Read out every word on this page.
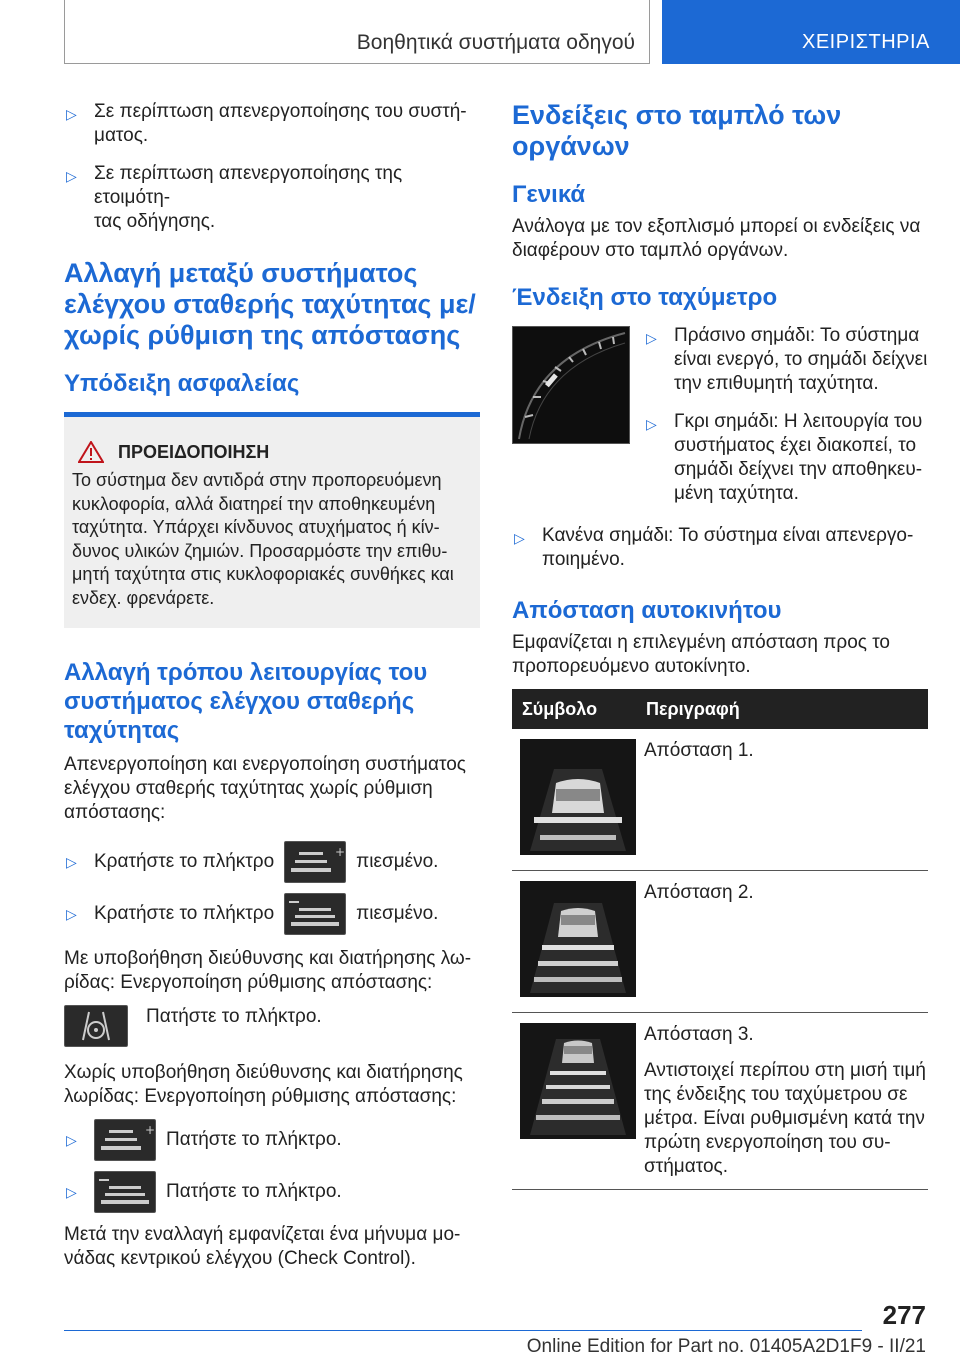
Βοηθητικά συστήματα οδηγού	ΧΕΙΡΙΣΤΗΡΙΑ
▷ Σε περίπτωση απενεργοποίησης του συστή-
ματος.
▷ Σε περίπτωση απενεργοποίησης της ετοιμότη-
τας οδήγησης.
Αλλαγή μεταξύ συστήματος ελέγχου σταθερής ταχύτητας με/χωρίς ρύθμιση της απόστασης
Υπόδειξη ασφαλείας
ΠΡΟΕΙΔΟΠΟΙΗΣΗ

Το σύστημα δεν αντιδρά στην προπορευόμενη κυκλοφορία, αλλά διατηρεί την αποθηκευμένη ταχύτητα. Υπάρχει κίνδυνος ατυχήματος ή κίν-δυνος υλικών ζημιών. Προσαρμόστε την επιθυ-μητή ταχύτητα στις κυκλοφοριακές συνθήκες και ενδεχ. φρενάρετε.

Αλλαγή τρόπου λειτουργίας του συστήματος ελέγχου σταθερής ταχύτητας

Απενεργοποίηση και ενεργοποίηση συστήματος ελέγχου σταθερής ταχύτητας χωρίς ρύθμιση απόστασης:

▷ Κρατήστε το πλήκτρο	+ πιεσμένο.
▷ Κρατήστε το πλήκτρο	πιεσμένο.

Με υποβοήθηση διεύθυνσης και διατήρησης λω-ρίδας: Ενεργοποίηση ρύθμισης απόστασης:

Πατήστε το πλήκτρο.

Χωρίς υποβοήθηση διεύθυνσης και διατήρησης λωρίδας: Ενεργοποίηση ρύθμισης απόστασης:

▷
+ Πατήστε το πλήκτρο.
▷	Πατήστε το πλήκτρο.

Μετά την εναλλαγή εμφανίζεται ένα μήνυμα μο-νάδας κεντρικού ελέγχου (Check Control).

Ενδείξεις στο ταμπλό των οργάνων
Γενικά

Ανάλογα με τον εξοπλισμό μπορεί οι ενδείξεις να διαφέρουν στο ταμπλό οργάνων.

Ένδειξη στο ταχύμετρο
▷ Πράσινο σημάδι: Το σύστημα είναι ενεργό, το σημάδι δείχνει την επιθυμητή ταχύτητα.
▷ Γκρι σημάδι: Η λειτουργία του συστήματος έχει διακοπεί, το σημάδι δείχνει την αποθηκευ-μένη ταχύτητα.
▷ Κανένα σημάδι: Το σύστημα είναι απενεργο-ποιημένο.
Απόσταση αυτοκινήτου

Εμφανίζεται η επιλεγμένη απόσταση προς το προπορευόμενο αυτοκίνητο.

Σύμβολο	Περιγραφή

Απόσταση 1.

Απόσταση 2.

Απόσταση 3.

Αντιστοιχεί περίπου στη μισή τιμή της ένδειξης του ταχύμετρου σε μέτρα. Είναι ρυθμισμένη κατά την πρώτη ενεργοποίηση του συ-στήματος.

277
Online Edition for Part no. 01405A2D1F9 - II/21
